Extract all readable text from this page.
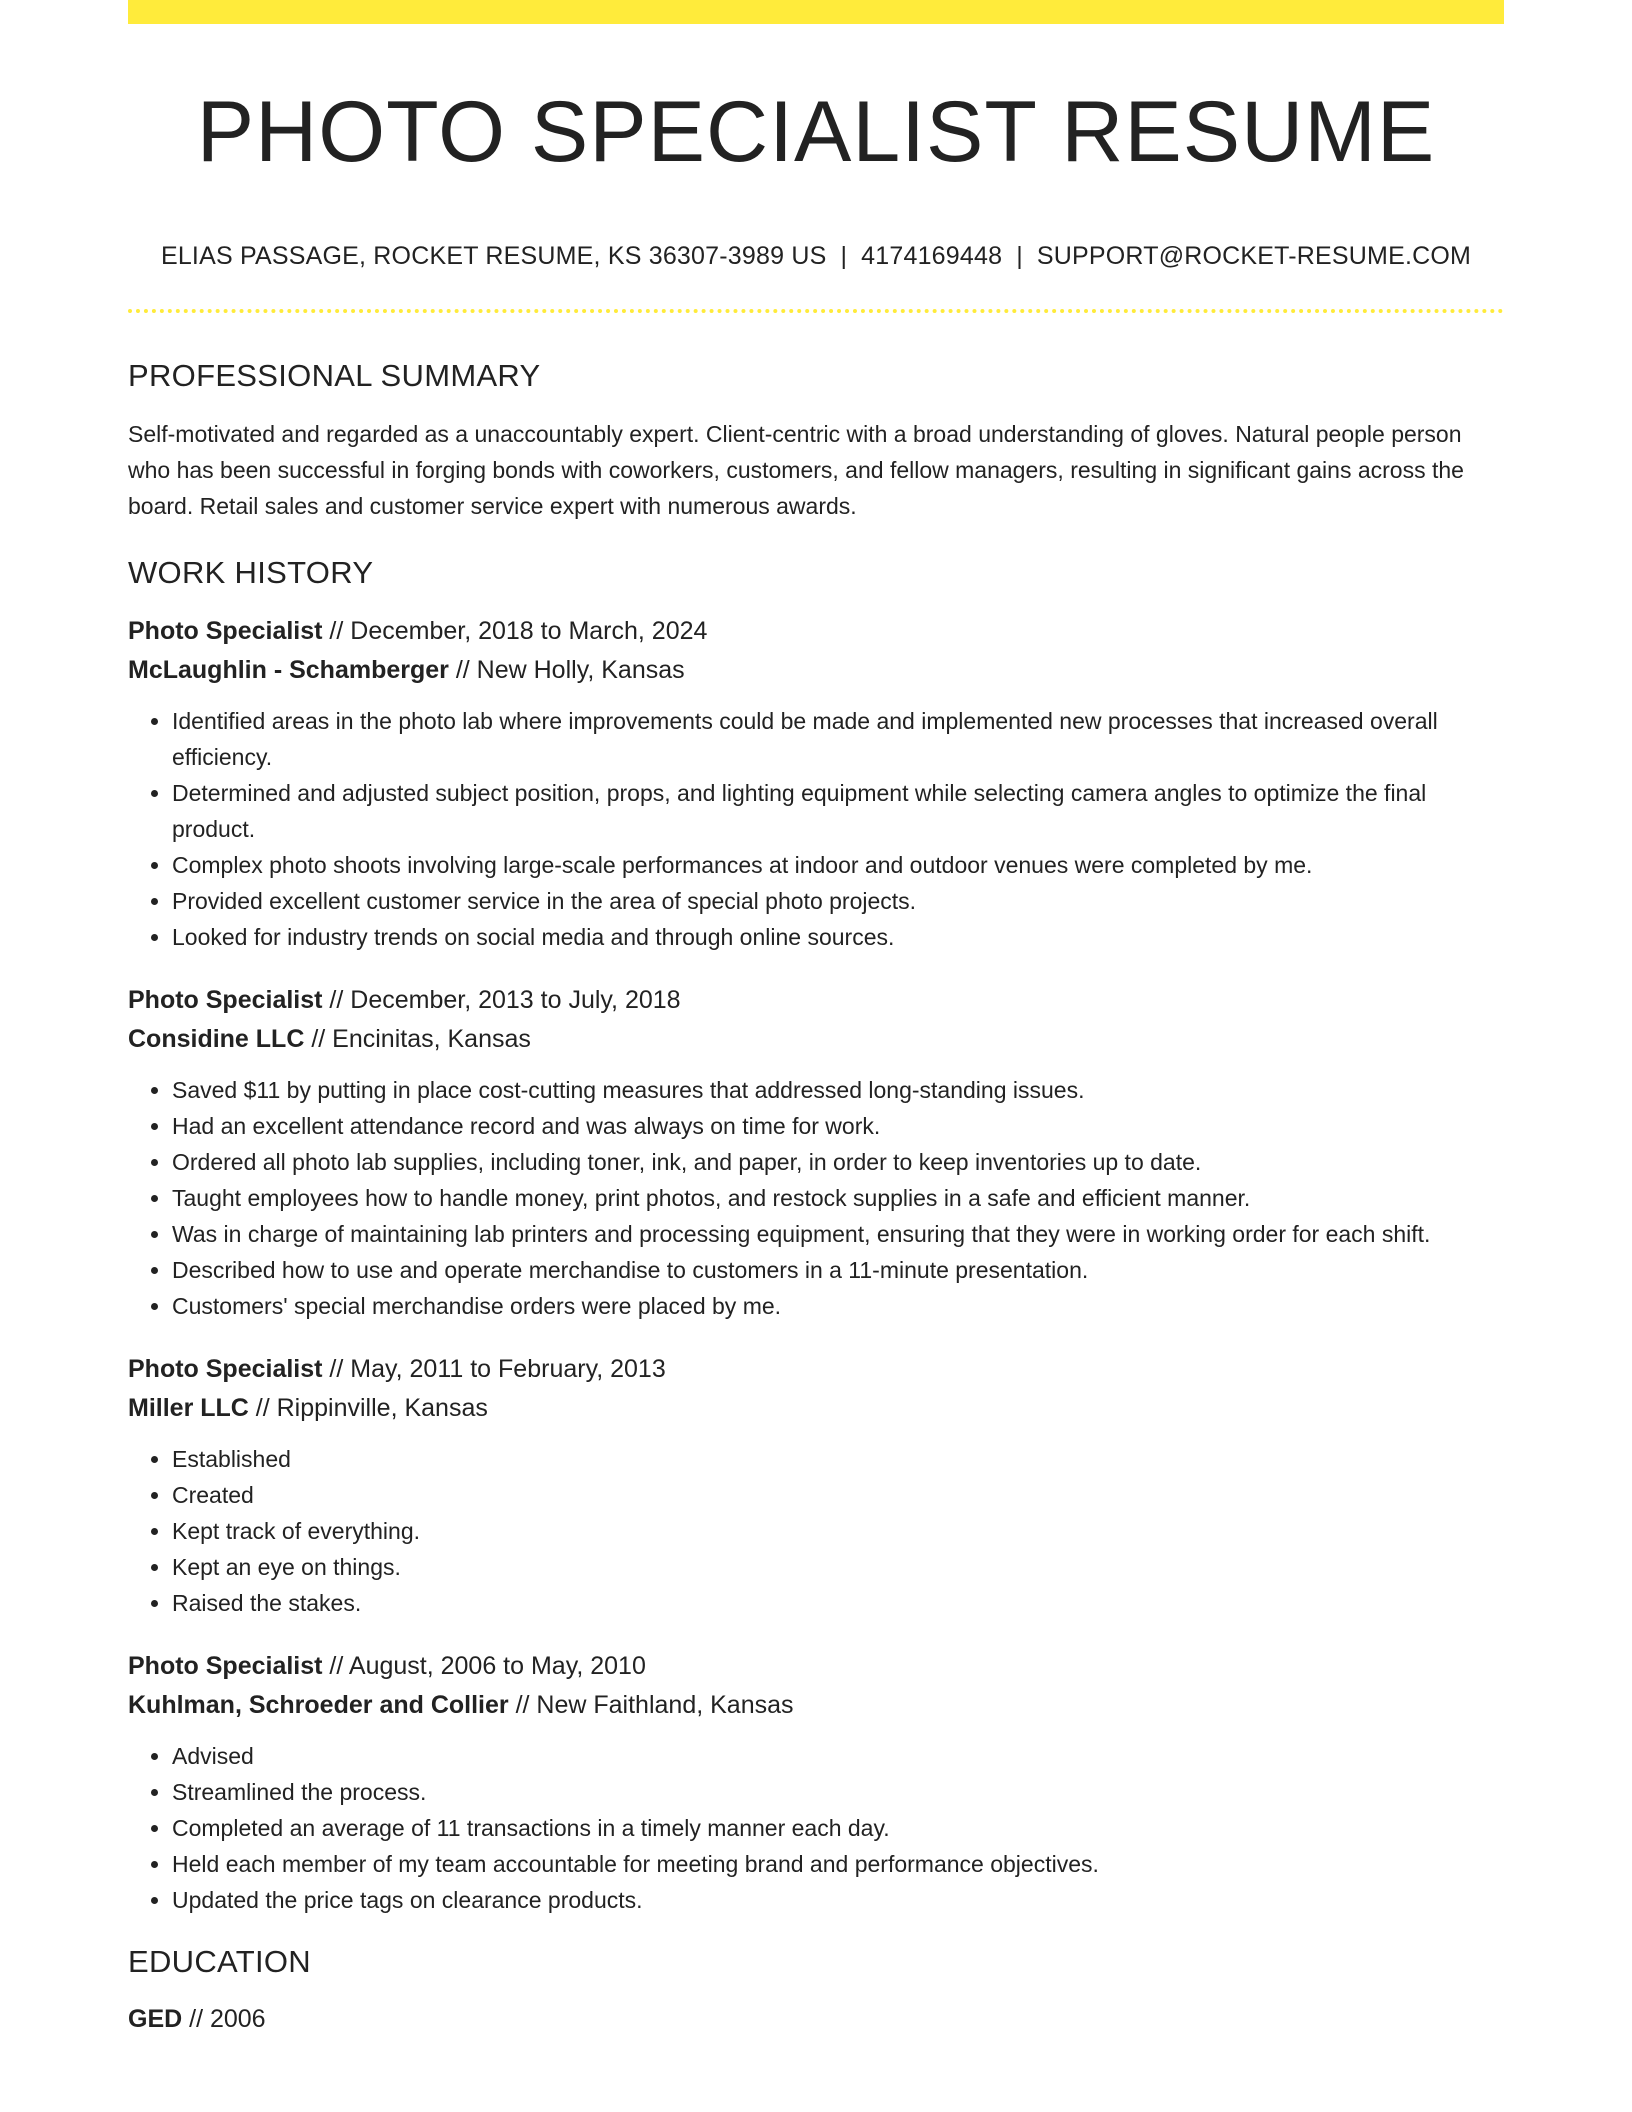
PHOTO SPECIALIST RESUME
ELIAS PASSAGE, ROCKET RESUME, KS 36307-3989 US | 4174169448 | SUPPORT@ROCKET-RESUME.COM
PROFESSIONAL SUMMARY

Self-motivated and regarded as a unaccountably expert. Client-centric with a broad understanding of gloves. Natural people person who has been successful in forging bonds with coworkers, customers, and fellow managers, resulting in significant gains across the board. Retail sales and customer service expert with numerous awards.

WORK HISTORY
Photo Specialist // December, 2018 to March, 2024
McLaughlin - Schamberger // New Holly, Kansas
• Identified areas in the photo lab where improvements could be made and implemented new processes that increased overall efficiency.
• Determined and adjusted subject position, props, and lighting equipment while selecting camera angles to optimize the final product.
• Complex photo shoots involving large-scale performances at indoor and outdoor venues were completed by me.
• Provided excellent customer service in the area of special photo projects.
• Looked for industry trends on social media and through online sources.
Photo Specialist // December, 2013 to July, 2018
Considine LLC // Encinitas, Kansas
• Saved $11 by putting in place cost-cutting measures that addressed long-standing issues.
• Had an excellent attendance record and was always on time for work.
• Ordered all photo lab supplies, including toner, ink, and paper, in order to keep inventories up to date.
• Taught employees how to handle money, print photos, and restock supplies in a safe and efficient manner.
• Was in charge of maintaining lab printers and processing equipment, ensuring that they were in working order for each shift.
• Described how to use and operate merchandise to customers in a 11-minute presentation.
• Customers' special merchandise orders were placed by me.
Photo Specialist // May, 2011 to February, 2013
Miller LLC // Rippinville, Kansas
• Established
• Created
• Kept track of everything.
• Kept an eye on things.
• Raised the stakes.
Photo Specialist // August, 2006 to May, 2010
Kuhlman, Schroeder and Collier // New Faithland, Kansas
• Advised
• Streamlined the process.
• Completed an average of 11 transactions in a timely manner each day.
• Held each member of my team accountable for meeting brand and performance objectives.
• Updated the price tags on clearance products.
EDUCATION
GED // 2006
